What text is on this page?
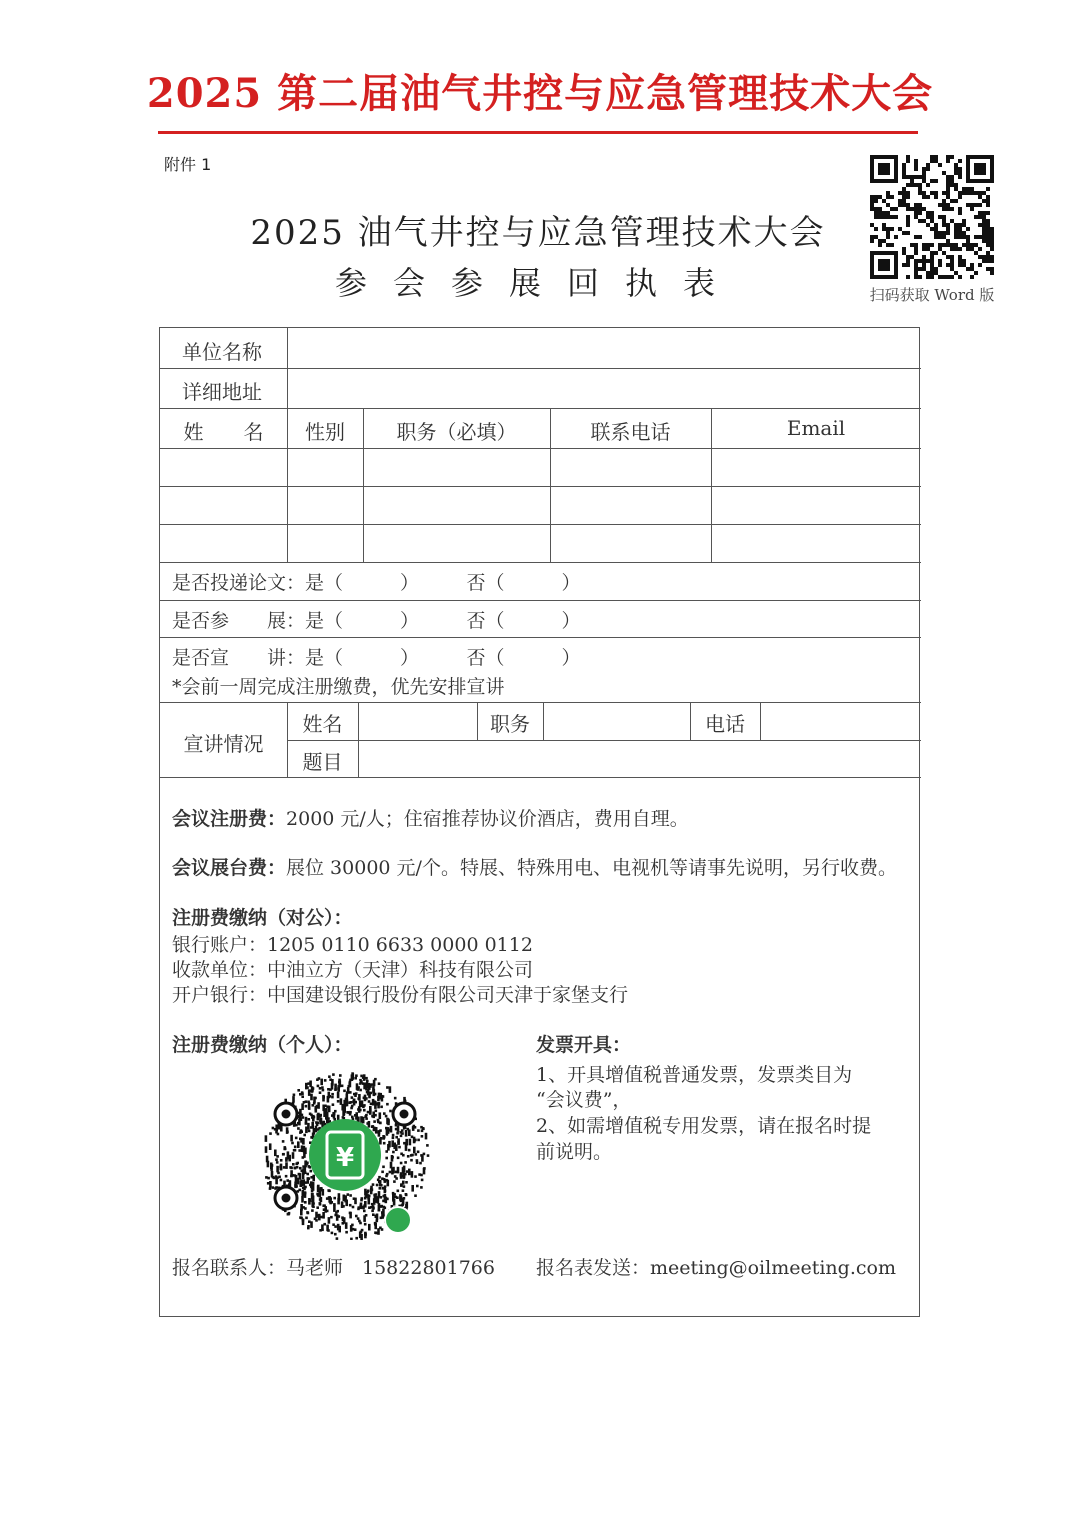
2025 第二届油气井控与应急管理技术大会
附件 1
2025 油气井控与应急管理技术大会
参会参展回执表	扫码获取 Word 版
单位名称
详细地址
姓　　名	性别	职务（必填）	联系电话	Email
是否投递论文：是（　　　）　　　否（　　　）
是否参　　展：是（　　　）　　　否（　　　）
是否宣　　讲：是（　　　）　　　否（　　　）
*会前一周完成注册缴费，优先安排宣讲
宣讲情况
姓名	职务	电话
题目
会议注册费：2000 元/人；住宿推荐协议价酒店，费用自理。
会议展台费：展位 30000 元/个。特展、特殊用电、电视机等请事先说明，另行收费。
注册费缴纳（对公）：
银行账户：1205 0110 6633 0000 0112
收款单位：中油立方（天津）科技有限公司
开户银行：中国建设银行股份有限公司天津于家堡支行
注册费缴纳（个人）：
¥
发票开具：
1、开具增值税普通发票，发票类目为
“会议费”，
2、如需增值税专用发票，请在报名时提
前说明。
报名联系人：马老师　15822801766 报名表发送：meeting@oilmeeting.com
